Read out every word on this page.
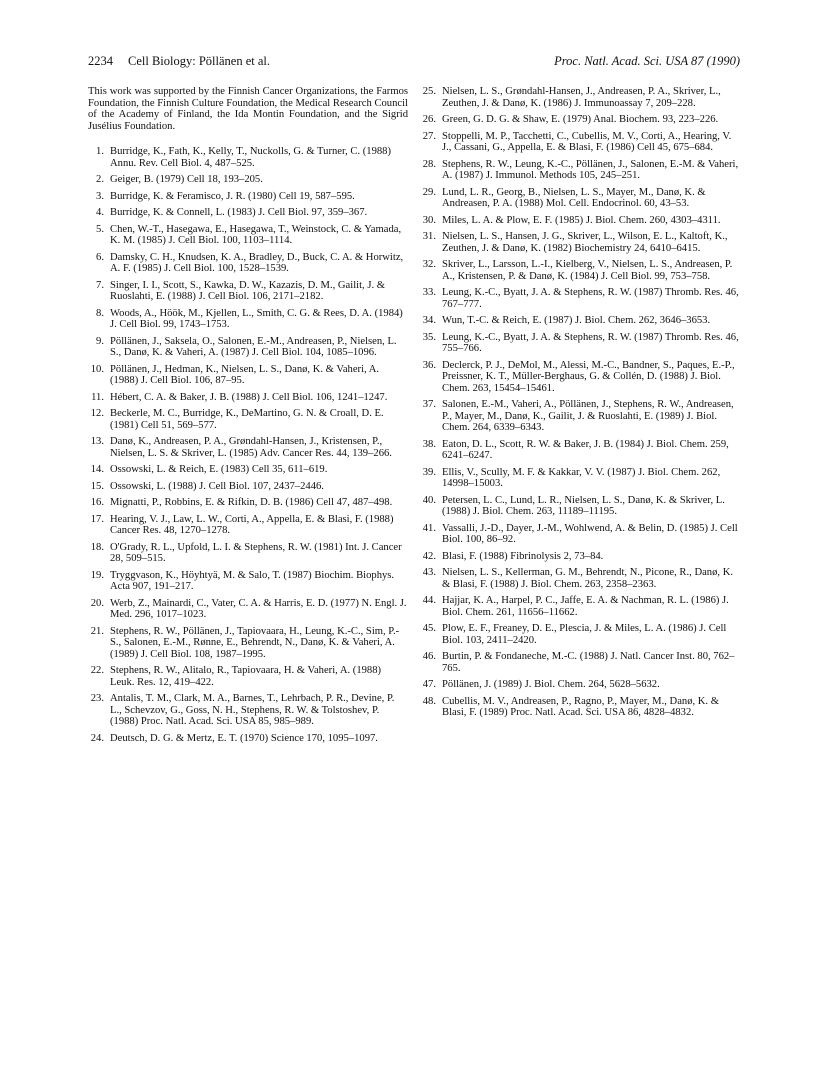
2234 Cell Biology: Pöllänen et al.	Proc. Natl. Acad. Sci. USA 87 (1990)

This work was supported by the Finnish Cancer Organizations, the Farmos Foundation, the Finnish Culture Foundation, the Medical Research Council of the Academy of Finland, the Ida Montin Foundation, and the Sigrid Jusélius Foundation.

1. Burridge, K., Fath, K., Kelly, T., Nuckolls, G. & Turner, C. (1988) Annu. Rev. Cell Biol. 4, 487–525.

2. Geiger, B. (1979) Cell 18, 193–205.

3. Burridge, K. & Feramisco, J. R. (1980) Cell 19, 587–595.

4. Burridge, K. & Connell, L. (1983) J. Cell Biol. 97, 359–367.

5. Chen, W.-T., Hasegawa, E., Hasegawa, T., Weinstock, C. & Yamada, K. M. (1985) J. Cell Biol. 100, 1103–1114.

6. Damsky, C. H., Knudsen, K. A., Bradley, D., Buck, C. A. & Horwitz, A. F. (1985) J. Cell Biol. 100, 1528–1539.

7. Singer, I. I., Scott, S., Kawka, D. W., Kazazis, D. M., Gailit, J. & Ruoslahti, E. (1988) J. Cell Biol. 106, 2171–2182.

8. Woods, A., Höök, M., Kjellen, L., Smith, C. G. & Rees, D. A. (1984) J. Cell Biol. 99, 1743–1753.

9. Pöllänen, J., Saksela, O., Salonen, E.-M., Andreasen, P., Nielsen, L. S., Danø, K. & Vaheri, A. (1987) J. Cell Biol. 104, 1085–1096.

10. Pöllänen, J., Hedman, K., Nielsen, L. S., Danø, K. & Vaheri, A. (1988) J. Cell Biol. 106, 87–95.

11. Hébert, C. A. & Baker, J. B. (1988) J. Cell Biol. 106, 1241–1247.

12. Beckerle, M. C., Burridge, K., DeMartino, G. N. & Croall, D. E. (1981) Cell 51, 569–577.

13. Danø, K., Andreasen, P. A., Grøndahl-Hansen, J., Kristensen, P., Nielsen, L. S. & Skriver, L. (1985) Adv. Cancer Res. 44, 139–266.

14. Ossowski, L. & Reich, E. (1983) Cell 35, 611–619.

15. Ossowski, L. (1988) J. Cell Biol. 107, 2437–2446.

16. Mignatti, P., Robbins, E. & Rifkin, D. B. (1986) Cell 47, 487–498.

17. Hearing, V. J., Law, L. W., Corti, A., Appella, E. & Blasi, F. (1988) Cancer Res. 48, 1270–1278.

18. O'Grady, R. L., Upfold, L. I. & Stephens, R. W. (1981) Int. J. Cancer 28, 509–515.

19. Tryggvason, K., Höyhtyä, M. & Salo, T. (1987) Biochim. Biophys. Acta 907, 191–217.

20. Werb, Z., Mainardi, C., Vater, C. A. & Harris, E. D. (1977) N. Engl. J. Med. 296, 1017–1023.

21. Stephens, R. W., Pöllänen, J., Tapiovaara, H., Leung, K.-C., Sim, P.-S., Salonen, E.-M., Rønne, E., Behrendt, N., Danø, K. & Vaheri, A. (1989) J. Cell Biol. 108, 1987–1995.

22. Stephens, R. W., Alitalo, R., Tapiovaara, H. & Vaheri, A. (1988) Leuk. Res. 12, 419–422.

23. Antalis, T. M., Clark, M. A., Barnes, T., Lehrbach, P. R., Devine, P. L., Schevzov, G., Goss, N. H., Stephens, R. W. & Tolstoshev, P. (1988) Proc. Natl. Acad. Sci. USA 85, 985–989.

24. Deutsch, D. G. & Mertz, E. T. (1970) Science 170, 1095–1097.

25. Nielsen, L. S., Grøndahl-Hansen, J., Andreasen, P. A., Skriver, L., Zeuthen, J. & Danø, K. (1986) J. Immunoassay 7, 209–228.

26. Green, G. D. G. & Shaw, E. (1979) Anal. Biochem. 93, 223–226.

27. Stoppelli, M. P., Tacchetti, C., Cubellis, M. V., Corti, A., Hearing, V. J., Cassani, G., Appella, E. & Blasi, F. (1986) Cell 45, 675–684.

28. Stephens, R. W., Leung, K.-C., Pöllänen, J., Salonen, E.-M. & Vaheri, A. (1987) J. Immunol. Methods 105, 245–251.

29. Lund, L. R., Georg, B., Nielsen, L. S., Mayer, M., Danø, K. & Andreasen, P. A. (1988) Mol. Cell. Endocrinol. 60, 43–53.

30. Miles, L. A. & Plow, E. F. (1985) J. Biol. Chem. 260, 4303–4311.

31. Nielsen, L. S., Hansen, J. G., Skriver, L., Wilson, E. L., Kaltoft, K., Zeuthen, J. & Danø, K. (1982) Biochemistry 24, 6410–6415.

32. Skriver, L., Larsson, L.-I., Kielberg, V., Nielsen, L. S., Andreasen, P. A., Kristensen, P. & Danø, K. (1984) J. Cell Biol. 99, 753–758.

33. Leung, K.-C., Byatt, J. A. & Stephens, R. W. (1987) Thromb. Res. 46, 767–777.

34. Wun, T.-C. & Reich, E. (1987) J. Biol. Chem. 262, 3646–3653.

35. Leung, K.-C., Byatt, J. A. & Stephens, R. W. (1987) Thromb. Res. 46, 755–766.

36. Declerck, P. J., DeMol, M., Alessi, M.-C., Bandner, S., Paques, E.-P., Preissner, K. T., Müller-Berghaus, G. & Collén, D. (1988) J. Biol. Chem. 263, 15454–15461.

37. Salonen, E.-M., Vaheri, A., Pöllänen, J., Stephens, R. W., Andreasen, P., Mayer, M., Danø, K., Gailit, J. & Ruoslahti, E. (1989) J. Biol. Chem. 264, 6339–6343.

38. Eaton, D. L., Scott, R. W. & Baker, J. B. (1984) J. Biol. Chem. 259, 6241–6247.

39. Ellis, V., Scully, M. F. & Kakkar, V. V. (1987) J. Biol. Chem. 262, 14998–15003.

40. Petersen, L. C., Lund, L. R., Nielsen, L. S., Danø, K. & Skriver, L. (1988) J. Biol. Chem. 263, 11189–11195.

41. Vassalli, J.-D., Dayer, J.-M., Wohlwend, A. & Belin, D. (1985) J. Cell Biol. 100, 86–92.

42. Blasi, F. (1988) Fibrinolysis 2, 73–84.

43. Nielsen, L. S., Kellerman, G. M., Behrendt, N., Picone, R., Danø, K. & Blasi, F. (1988) J. Biol. Chem. 263, 2358–2363.

44. Hajjar, K. A., Harpel, P. C., Jaffe, E. A. & Nachman, R. L. (1986) J. Biol. Chem. 261, 11656–11662.

45. Plow, E. F., Freaney, D. E., Plescia, J. & Miles, L. A. (1986) J. Cell Biol. 103, 2411–2420.

46. Burtin, P. & Fondaneche, M.-C. (1988) J. Natl. Cancer Inst. 80, 762–765.

47. Pöllänen, J. (1989) J. Biol. Chem. 264, 5628–5632.

48. Cubellis, M. V., Andreasen, P., Ragno, P., Mayer, M., Danø, K. & Blasi, F. (1989) Proc. Natl. Acad. Sci. USA 86, 4828–4832.
